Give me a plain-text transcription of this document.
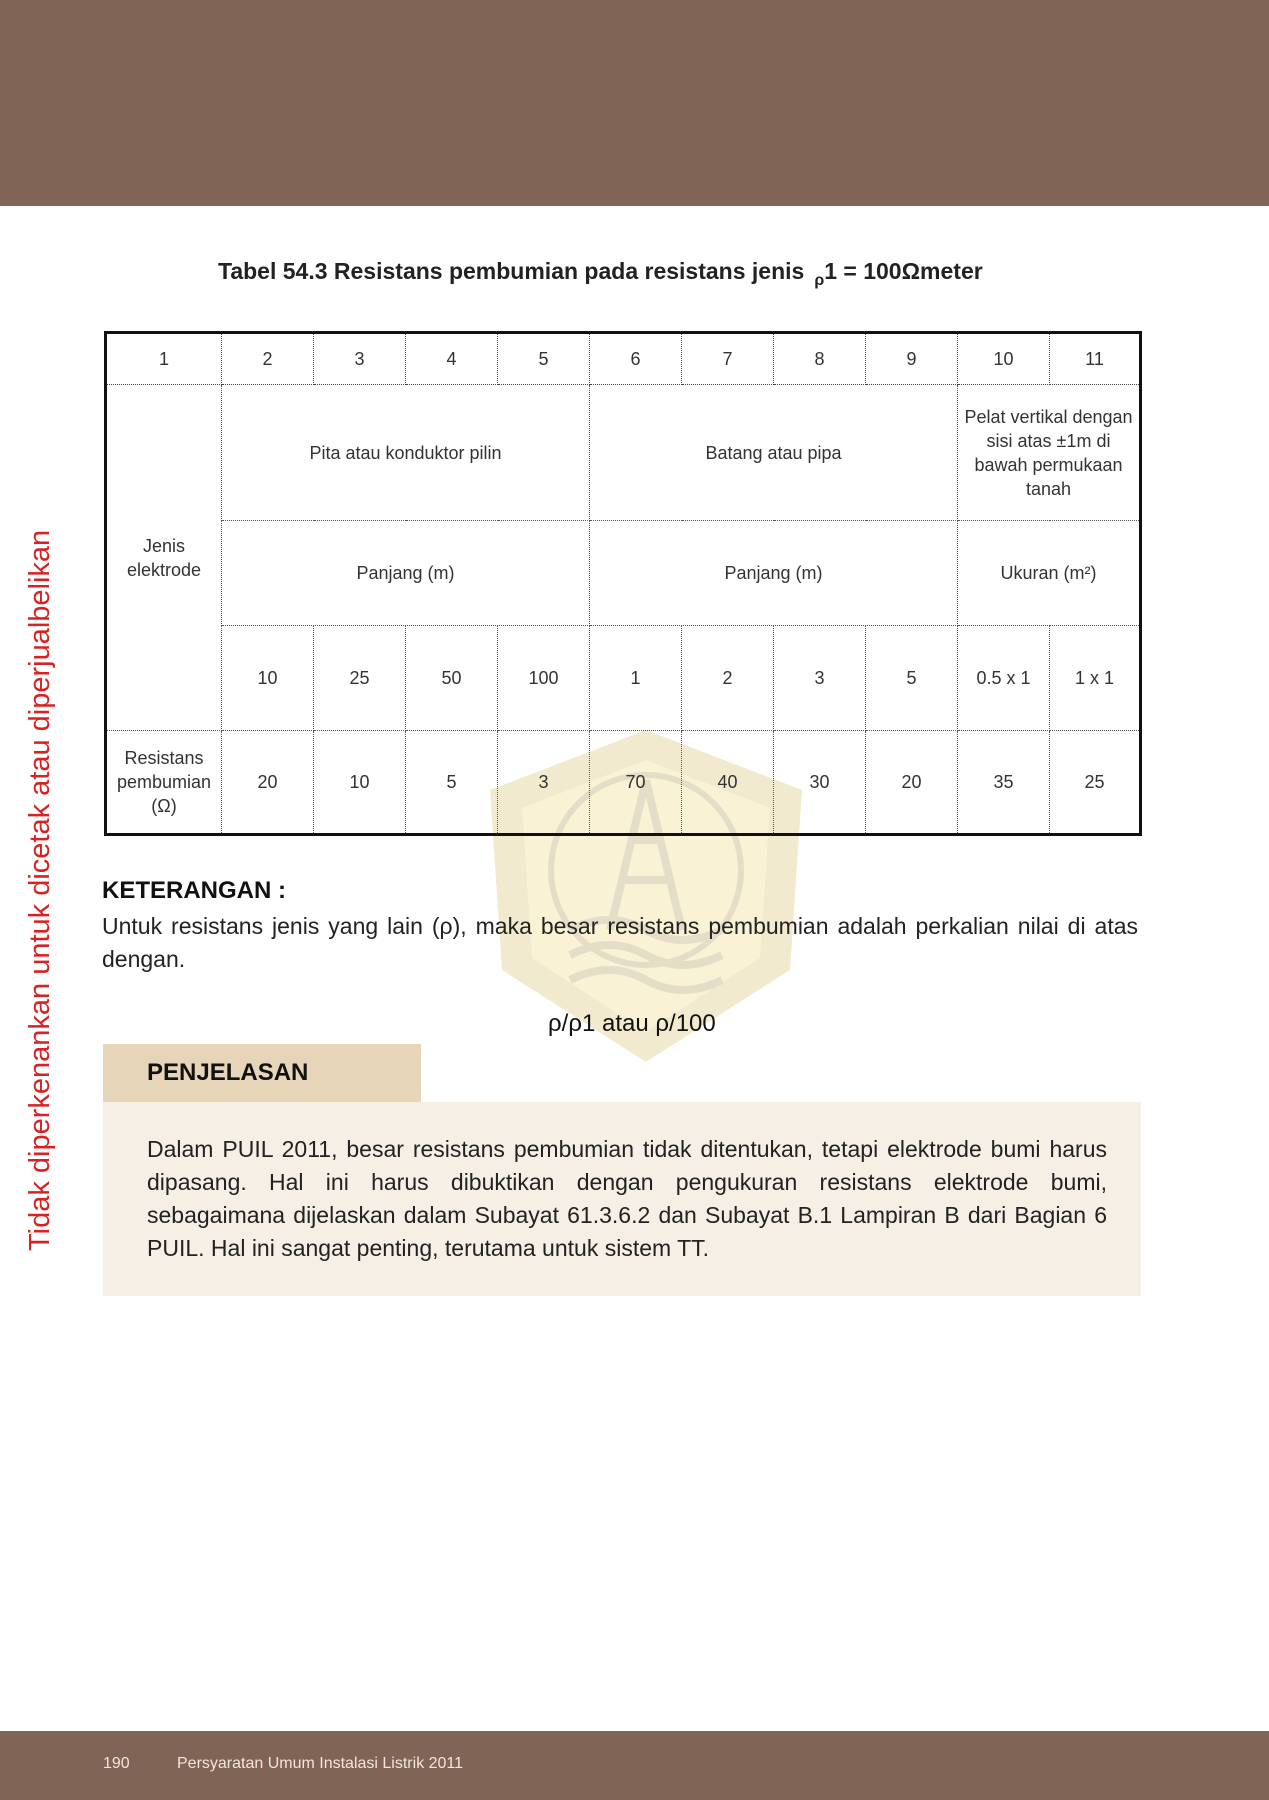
Tidak diperkenankan untuk dicetak atau diperjualbelikan
Tabel 54.3 Resistans pembumian pada resistans jenis $_\rho$1 = 100Ωmeter
1	2	3	4	5	6	7	8	9	10	11
Jenis elektrode	Pita atau konduktor pilin				Batang atau pipa				Pelat vertikal dengan sisi atas ±1m di bawah permukaan tanah	
	Panjang (m)				Panjang (m)				Ukuran (m²)	
	10	25	50	100	1	2	3	5	0.5 x 1	1 x 1
Resistans pembumian (Ω)	20	10	5	3	70	40	30	20	35	25
KETERANGAN :
Untuk resistans jenis yang lain (ρ), maka besar resistans pembumian adalah perkalian nilai di atas dengan.
ρ/ρ1 atau ρ/100
PENJELASAN
Dalam PUIL 2011, besar resistans pembumian tidak ditentukan, tetapi elektrode bumi harus dipasang. Hal ini harus dibuktikan dengan pengukuran resistans elektrode bumi, sebagaimana dijelaskan dalam Subayat 61.3.6.2 dan Subayat B.1 Lampiran B dari Bagian 6 PUIL. Hal ini sangat penting, terutama untuk sistem TT.
190	Persyaratan Umum Instalasi Listrik 2011
